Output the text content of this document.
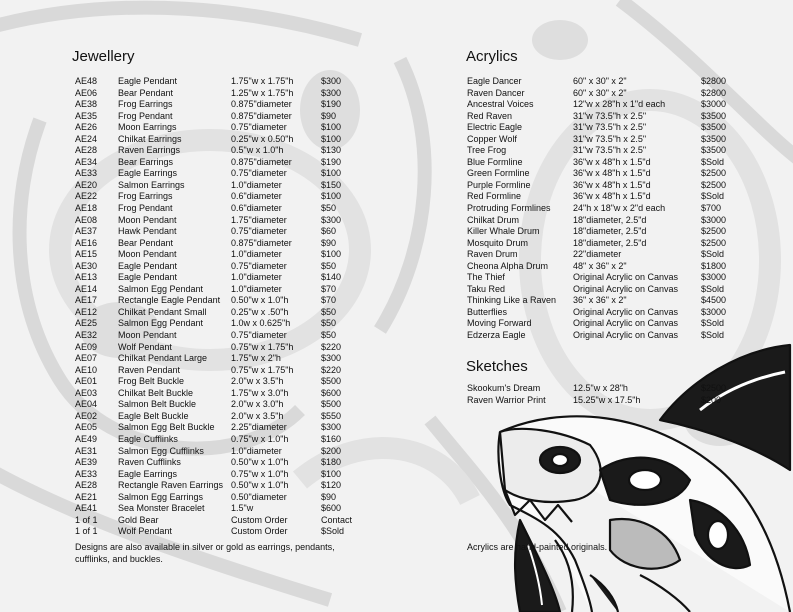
Jewellery
AE48 Eagle Pendant	1.75"w x 1.75"h	$300
AE06 Bear Pendant	1.25"w x 1.75"h	$300
AE38 Frog Earrings	0.875"diameter	$190
AE35 Frog Pendant	0.875"diameter	$90
AE26 Moon Earrings	0.75"diameter	$100
AE24 Chilkat Earrings	0.25"w x 0.50"h	$100
AE28 Raven Earrings	0.5"w x 1.0"h	$130
AE34 Bear Earrings	0.875"diameter	$190
AE33 Eagle Earrings	0.75"diameter	$100
AE20 Salmon Earrings	1.0"diameter	$150
AE22 Frog Earrings	0.6"diameter	$100
AE18 Frog Pendant	0.6"diameter	$50
AE08 Moon Pendant	1.75"diameter	$300
AE37 Hawk Pendant	0.75"diameter	$60
AE16 Bear Pendant	0.875"diameter	$90
AE15 Moon Pendant	1.0"diameter	$100
AE30 Eagle Pendant	0.75"diameter	$50
AE13 Eagle Pendant	1.0"diameter	$140
AE14 Salmon Egg Pendant	1.0"diameter	$70
AE17 Rectangle Eagle Pendant 0.50"w x 1.0"h	$70
AE12 Chilkat Pendant Small	0.25"w x .50"h	$50
AE25 Salmon Egg Pendant	1.0w x 0.625"h	$50
AE32 Moon Pendant	0.75"diameter	$50
AE09 Wolf Pendant	0.75"w x 1.75"h	$220
AE07 Chilkat Pendant Large	1.75"w x 2"h	$300
AE10 Raven Pendant	0.75"w x 1.75"h	$220
AE01 Frog Belt Buckle	2.0"w x 3.5"h	$500
AE03 Chilkat Belt Buckle	1.75"w x 3.0"h	$600
AE04 Salmon Belt Buckle	2.0"w x 3.0"h	$500
AE02 Eagle Belt Buckle	2.0"w x 3.5"h	$550
AE05 Salmon Egg Belt Buckle 2.25"diameter	$300
AE49 Eagle Cufflinks	0.75"w x 1.0"h	$160
AE31 Salmon Egg Cufflinks	1.0"diameter	$200
AE39 Raven Cufflinks	0.50"w x 1.0"h	$180
AE33 Eagle Earrings	0.75"w x 1.0"h	$100
AE28 Rectangle Raven Earrings 0.50"w x 1.0"h	$120
AE21 Salmon Egg Earrings	0.50"diameter	$90
AE41 Sea Monster Bracelet	1.5"w	$600
1 of 1 Gold Bear	Custom Order	Contact
1 of 1 Wolf Pendant	Custom Order	$Sold
Designs are also available in silver or gold as earrings, pendants, cufflinks, and buckles.
Acrylics
Eagle Dancer	60" x 30" x 2"	$2800
Raven Dancer	60" x 30" x 2"	$2800
Ancestral Voices	12"w x 28"h x 1"d each	$3000
Red Raven	31"w 73.5"h x 2.5"	$3500
Electric Eagle	31"w 73.5"h x 2.5"	$3500
Copper Wolf	31"w 73.5"h x 2.5"	$3500
Tree Frog	31"w 73.5"h x 2.5"	$3500
Blue Formline	36"w x 48"h x 1.5"d	$Sold
Green Formline	36"w x 48"h x 1.5"d	$2500
Purple Formline	36"w x 48"h x 1.5"d	$2500
Red Formline	36"w x 48"h x 1.5"d	$Sold
Protruding Formlines 24"h x 18"w x 2"d each	$700
Chilkat Drum	18"diameter, 2.5"d	$3000
Killer Whale Drum	18"diameter, 2.5"d	$2500
Mosquito Drum	18"diameter, 2.5"d	$2500
Raven Drum	22"diameter	$Sold
Cheona Alpha Drum	48" x 36" x 2"	$1800
The Thief	Original Acrylic on Canvas	$3000
Taku Red	Original Acrylic on Canvas	$Sold
Thinking Like a Raven 36" x 36" x 2"	$4500
Butterflies	Original Acrylic on Canvas	$3000
Moving Forward	Original Acrylic on Canvas	$Sold
Edzerza Eagle	Original Acrylic on Canvas	$Sold
Sketches
Skookum's Dream	12.5"w x 28"h	$2500
Raven Warrior Print	15.25"w x 17.5"h	$200
Acrylics are hand-painted originals.
